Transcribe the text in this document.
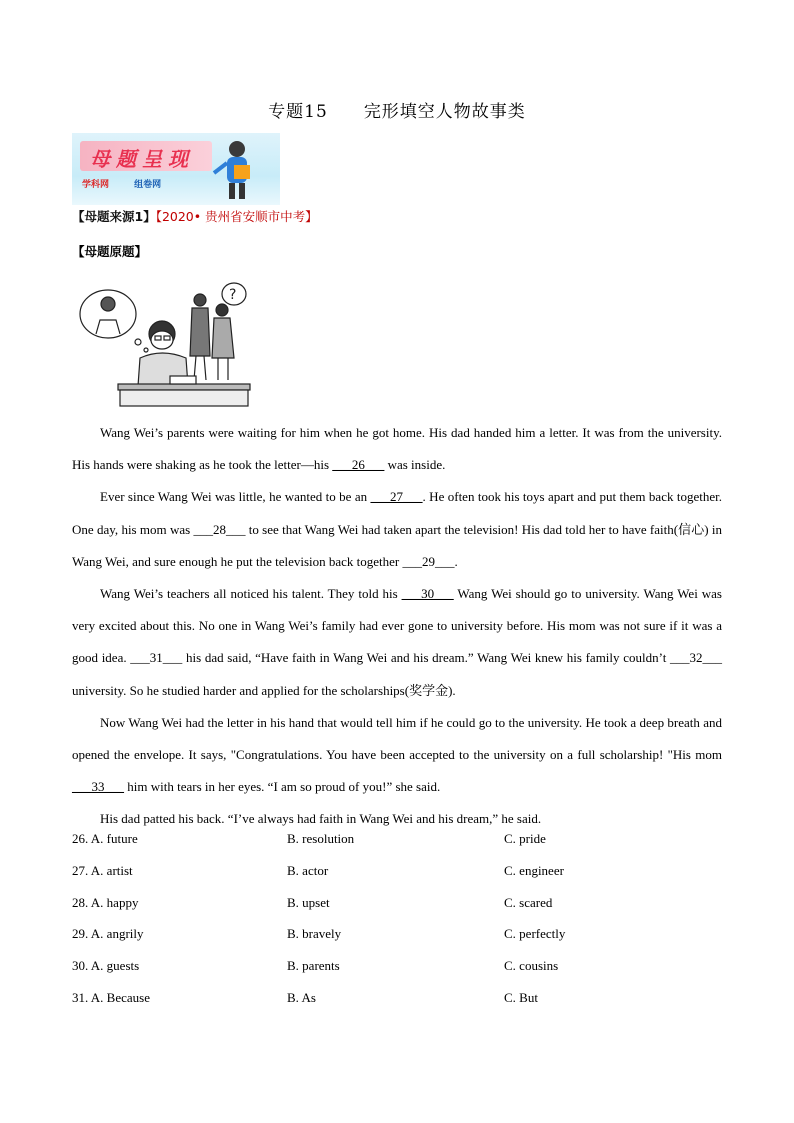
专题15 完形填空人物故事类
母题呈现
学科网	组卷网
【母题来源1】【2020• 贵州省安顺市中考】
【母题原题】
?

Wang Wei’s parents were waiting for him when he got home. His dad handed him a letter. It was from the university. His hands were shaking as he took the letter—his ___26___ was inside.

Ever since Wang Wei was little, he wanted to be an ___27___. He often took his toys apart and put them back together. One day, his mom was ___28___ to see that Wang Wei had taken apart the television! His dad told her to have faith(信心) in Wang Wei, and sure enough he put the television back together ___29___.

Wang Wei’s teachers all noticed his talent. They told his ___30___ Wang Wei should go to university. Wang Wei was very excited about this. No one in Wang Wei’s family had ever gone to university before. His mom was not sure if it was a good idea. ___31___ his dad said, “Have faith in Wang Wei and his dream.” Wang Wei knew his family couldn’t ___32___ university. So he studied harder and applied for the scholarships(奖学金).

Now Wang Wei had the letter in his hand that would tell him if he could go to the university. He took a deep breath and opened the envelope. It says, "Congratulations. You have been accepted to the university on a full scholarship! "His mom ___33___ him with tears in her eyes. “I am so proud of you!” she said.

His dad patted his back. “I’ve always had faith in Wang Wei and his dream,” he said.

26. A. future	B. resolution	C. pride
27. A. artist	B. actor	C. engineer
28. A. happy	B. upset	C. scared
29. A. angrily	B. bravely	C. perfectly
30. A. guests	B. parents	C. cousins
31. A. Because	B. As	C. But
